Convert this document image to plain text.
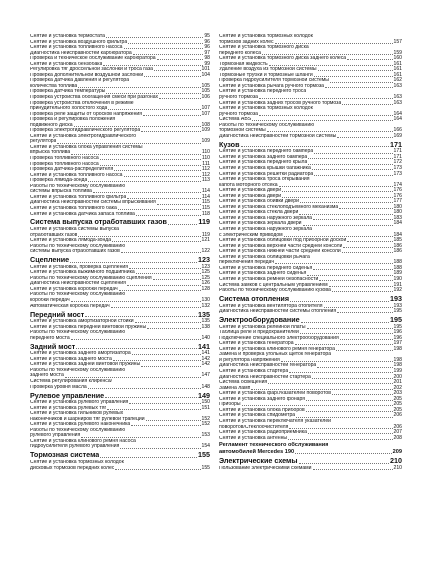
Снятие и установка термостата	95
Снятие и установка воздушного фильтра	96
Снятие и установка топливного насоса	96
Диагностика неисправностей карбюратора	97
Проверка и техническое обслуживание карбюратора	98
Снятие и установка бензобака	99
Регулировка тяг дроссельной заслонки и троса газа	101
Проверка дополнительной воздушной заслонки	104
Проверка датчика давления и регулятора
количества топлива	105
Проверка датчика температуры	105
Проверка устройства обогащения смеси при разгонах	106
Проверка устройства отключения в режиме
принудительного холостого хода	107
Проверка реле защиты от бросков напряжения	107
Проверка и регулировка положения
подвижного диска	108
Проверка электрогидравлического регулятора	109
Снятие и установка электрогидравлического
регулятора	109
Снятие и установка блока управления системы
впрыска топлива	110
Проверка топливного насоса	110
Проверка топливного насоса	111
Проверка датчика-распределителя	112
Снятие и установка топливного насоса	112
Проверка лямбда-зонда	113
Работы по техническому обслуживанию
системы впрыска топлива	114
Снятие и установка топливного фильтра	114
Диагностика неисправностей системы впрыскивания	115
Снятие и установка топливного бака	115
Снятие и установка датчика запаса топлива	118
Система выпуска отработавших газов	119
Снятие и установка системы выпуска
отработавших газов	119
Снятие и установка лямбда-зонда	121
Работы по техническому обслуживанию
системы выпуска отработавших газов	122
Сцепление	123
Снятие и установка, проверка сцепления	123
Снятие и установка выжимного подшипника	125
Работы по техническому обслуживанию сцепления	125
Диагностика неисправностей сцепления	126
Снятие и установка коробки передач	128
Работы по техническому обслуживанию
коробки передач	130
Автоматическая коробка передач	132
Передний мост	135
Снятие и установка амортизаторной стойки	135
Снятие и установка передней винтовой пружины	138
Работы по техническому обслуживанию
переднего моста	140
Задний мост	141
Снятие и установка заднего амортизатора	141
Снятие и установка заднего моста	142
Снятие и установка задней винтовой пружины	142
Работы по техническому обслуживанию
заднего моста	147
Система регулирования клиренса/
Проверка уровня масла	148
Рулевое управление	149
Снятие и установка рулевого управления	150
Снятие и установка рулевых тяг	151
Снятие и установка гильников рулевых
наконечников и шарниров тяг рулевой трапеции	152
Снятие и установка рулевого наконечника	152
Работы по техническому обслуживанию
рулевого управления	153
Снятие и установка клинового ремня насоса
гидроусилителя рулевого управления	154
Тормозная система	155
Снятие и установка тормозных колодок
дисковых тормозов передних колес	155
Снятие и установка тормозных колодок
тормозов задних колес	157
Снятие и установка тормозного диска
переднего колеса	159
Снятие и установка тормозного диска заднего колеса	160
Тормозная жидкость	161
Удаление воздуха из тормозной системы	161
Тормозные трубки и тормозные шланги	161
Проверка гидроусилителя тормозной системы	162
Снятие и установка рычага ручного тормоза	163
Снятие и установка переднего троса
ручного тормоза	163
Снятие и установка задних тросов ручного тормоза	163
Снятие и установка тормозных колодок
ручного тормоза	164
Система ABS	164
Работы по техническому обслуживанию
тормозной системы	166
Диагностика неисправностей тормозной системы	169
Кузов	171
Снятие и установка переднего бампера	171
Снятие и установка заднего бампера	171
Снятие и установка переднего крыла	172
Снятие и установка крышки багажника	173
Снятие и установка решетки радиатора	173
Снятие и установка троса открывания
капота моторного отсека	174
Снятие и установка двери	176
Снятие и установка двери	176
Снятие и установка обивки двери	177
Снятие и установка стеклоподъемного механизма	180
Снятие и установка стекла двери	180
Снятие и установка наружного зеркала	183
Снятие и установка зеркала двери	184
Снятие и установка наружного зеркала
с электрическим приводом	184
Снятие и установка облицовки под приборной доской	185
Снятие и установка верхней части средней консоли	186
Снятие и установка нижней части средней консоли	186
Снятие и установка облицовки рычага
переключения передач	188
Снятие и установка переднего сиденья	188
Снятие и установка заднего сиденья	189
Снятие и установка ремней безопасности	190
Система замков с центральным управлением	191
Работы по техническому обслуживанию кузова	192
Система отопления	193
Снятие и установка вентилятора отопителя	193
Диагностика неисправностей системы отопления	195
Электрооборудование	195
Снятие и установка релейной платы	195
Таблица реле и предохранителей	196
Подключение специального электрооборудования	196
Снятие и установка генератора	197
Снятие и установка клинового ремня генератора	198
Замена и проверка угольных щеток генератора
и регулятора напряжения	198
Диагностика неисправностей генератора	198
Снятие и установка стартера	199
Диагностика неисправностей стартера	200
Система освещения	201
Замена ламп	202
Снятие и установка фар/Указателей поворотов	203
Снятие и установка заднего фонаря	205
Приборы	205
Снятие и установка блока приборов	205
Снятие и установка спидометра	206
Снятие и установка переключателя указателей
поворотов/Стеклоочистителя	206
Снятие и установка радиоприемника	207
Снятие и установка антенны	208
Регламент технического обслуживания
автомобилей Mercedes 190	209
Электрические схемы	210
Пользование электрическими схемами	210
